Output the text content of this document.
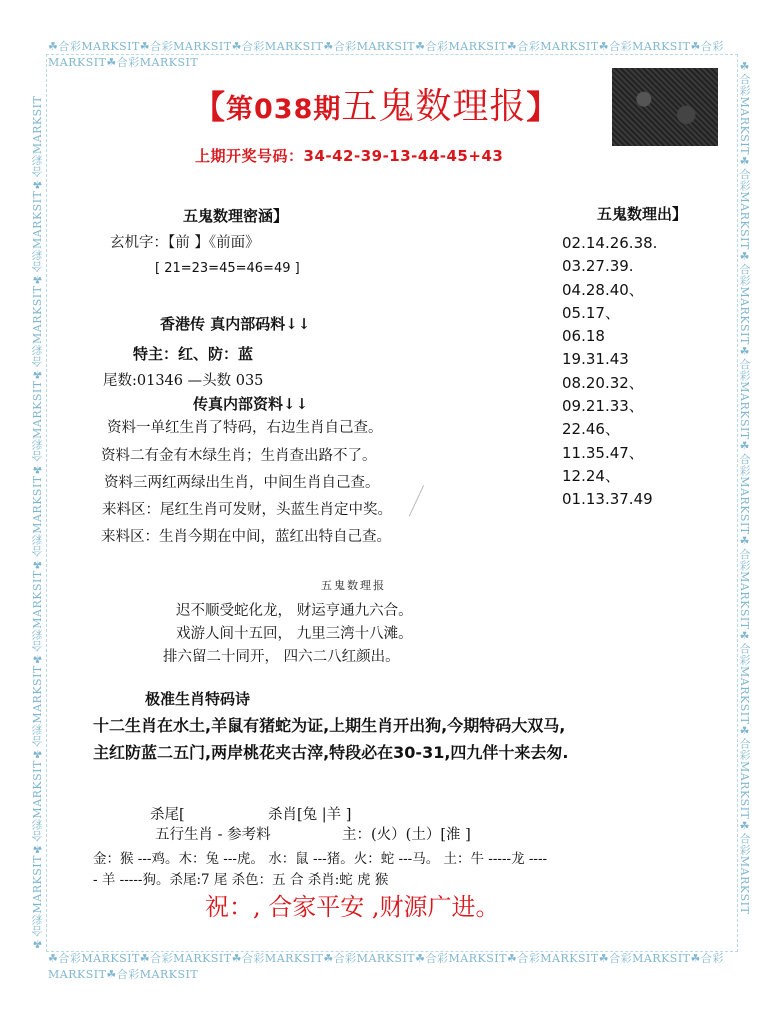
☘合彩MARKSIT☘合彩MARKSIT☘合彩MARKSIT☘合彩MARKSIT☘合彩MARKSIT☘合彩MARKSIT☘合彩MARKSIT☘合彩MARKSIT☘合彩MARKSIT
☘合彩MARKSIT☘合彩MARKSIT☘合彩MARKSIT☘合彩MARKSIT☘合彩MARKSIT☘合彩MARKSIT☘合彩MARKSIT☘合彩MARKSIT☘合彩MARKSIT
☘合彩MARKSIT☘合彩MARKSIT☘合彩MARKSIT☘合彩MARKSIT☘合彩MARKSIT☘合彩MARKSIT☘合彩MARKSIT☘合彩MARKSIT☘合彩MARKSIT	☘合彩MARKSIT☘合彩MARKSIT☘合彩MARKSIT☘合彩MARKSIT☘合彩MARKSIT☘合彩MARKSIT☘合彩MARKSIT☘合彩MARKSIT☘合彩MARKSIT
【第038期五鬼数理报】
上期开奖号码：34-42-39-13-44-45+43
五鬼数理密涵】
玄机字：【前 】《前面》
[ 21=23=45=46=49 ]
香港传 真内部码料↓↓
特主：红、防：蓝
尾数:01346 —头数 035
传真内部资料↓↓
资料一单红生肖了特码，右边生肖自己查。
资料二有金有木绿生肖；生肖查出路不了。
资料三两红两绿出生肖，中间生肖自己查。
来料区：尾红生肖可发财，头蓝生肖定中奖。
来料区：生肖今期在中间，蓝红出特自己查。
五鬼数理出】
02.14.26.38.
03.27.39.
04.28.40、
05.17、
06.18
19.31.43
08.20.32、
09.21.33、
22.46、
11.35.47、
12.24、
01.13.37.49
五鬼数理报
迟不顺受蛇化龙， 财运亨通九六合。
戏游人间十五回， 九里三湾十八滩。
排六留二十同开， 四六二八红颜出。
极准生肖特码诗
十二生肖在水土,羊鼠有猪蛇为证,上期生肖开出狗,今期特码大双马,
主红防蓝二五门,两岸桃花夹古滓,特段必在30-31,四九伴十来去匆.
杀尾[	杀肖[兔 |羊 ]
五行生肖 - 参考料	主：(火）(土）[淮 ]
金：猴 ---鸡。木：兔 ---虎。 水：鼠 ---猪。火：蛇 ---马。 土：牛 -----龙 ----
- 羊 -----狗。杀尾:7 尾 杀色：五 合 杀肖:蛇 虎 猴
祝：, 合家平安 ,财源广进。
